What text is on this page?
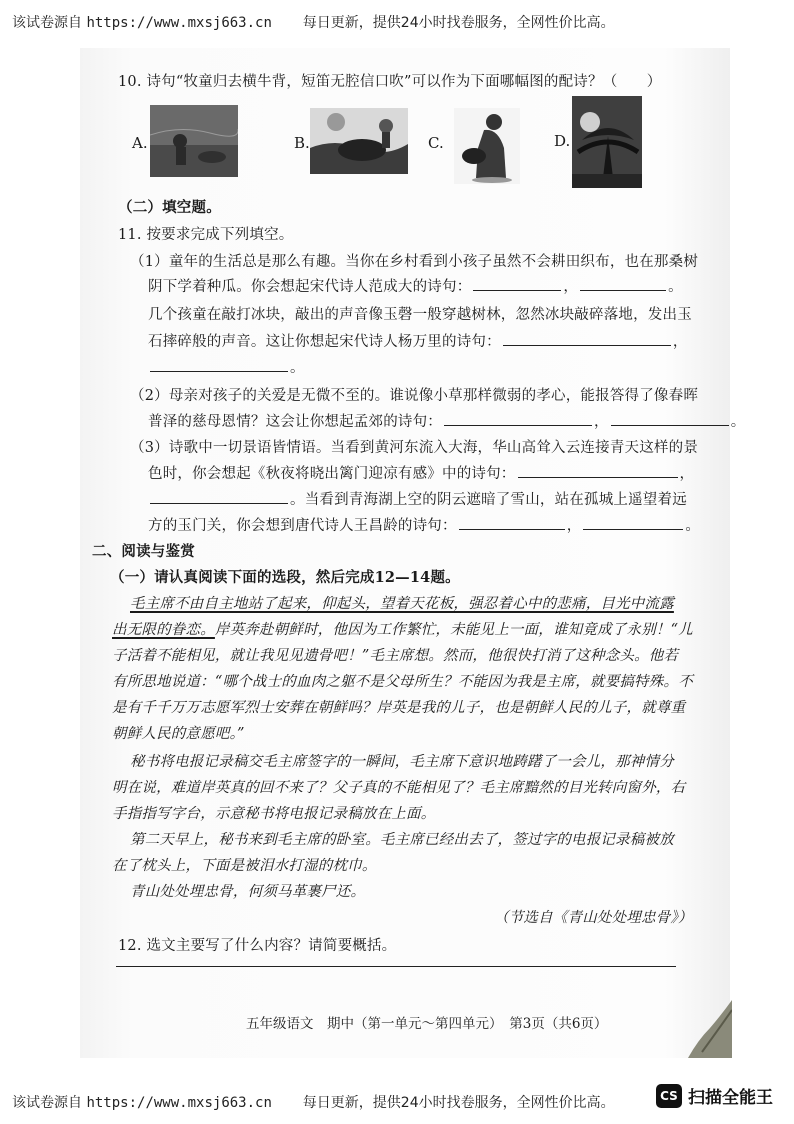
该试卷源自 https://www.mxsj663.cn 每日更新，提供24小时找卷服务，全网性价比高。
10. 诗句“牧童归去横牛背，短笛无腔信口吹”可以作为下面哪幅图的配诗？（　　）
A.	B.	C.	D.
（二）填空题。
11. 按要求完成下列填空。
（1）童年的生活总是那么有趣。当你在乡村看到小孩子虽然不会耕田织布，也在那桑树
阴下学着种瓜。你会想起宋代诗人范成大的诗句：	，	。
几个孩童在敲打冰块，敲出的声音像玉磬一般穿越树林，忽然冰块敲碎落地，发出玉
石摔碎般的声音。这让你想起宋代诗人杨万里的诗句：	，
。
（2）母亲对孩子的关爱是无微不至的。谁说像小草那样微弱的孝心，能报答得了像春晖
普泽的慈母恩情？这会让你想起孟郊的诗句：	，	。
（3）诗歌中一切景语皆情语。当看到黄河东流入大海，华山高耸入云连接青天这样的景
色时，你会想起《秋夜将晓出篱门迎凉有感》中的诗句：	，
。当看到青海湖上空的阴云遮暗了雪山，站在孤城上遥望着远
方的玉门关，你会想到唐代诗人王昌龄的诗句：	，	。
二、阅读与鉴赏
（一）请认真阅读下面的选段，然后完成12—14题。
毛主席不由自主地站了起来，仰起头，望着天花板，强忍着心中的悲痛，目光中流露
出无限的眷恋。岸英奔赴朝鲜时，他因为工作繁忙，未能见上一面，谁知竟成了永别！“儿
子活着不能相见，就让我见见遗骨吧！”毛主席想。然而，他很快打消了这种念头。他若
有所思地说道：“哪个战士的血肉之躯不是父母所生？不能因为我是主席，就要搞特殊。不
是有千千万万志愿军烈士安葬在朝鲜吗？岸英是我的儿子，也是朝鲜人民的儿子，就尊重
朝鲜人民的意愿吧。”
秘书将电报记录稿交毛主席签字的一瞬间，毛主席下意识地踌躇了一会儿，那神情分
明在说，难道岸英真的回不来了？父子真的不能相见了？毛主席黯然的目光转向窗外，右
手指指写字台，示意秘书将电报记录稿放在上面。
第二天早上，秘书来到毛主席的卧室。毛主席已经出去了，签过字的电报记录稿被放
在了枕头上，下面是被泪水打湿的枕巾。
青山处处埋忠骨，何须马革裹尸还。
（节选自《青山处处埋忠骨》）
12. 选文主要写了什么内容？请简要概括。
五年级语文　期中（第一单元～第四单元）　第3页（共6页）
该试卷源自 https://www.mxsj663.cn 每日更新，提供24小时找卷服务，全网性价比高。	CS 扫描全能王
